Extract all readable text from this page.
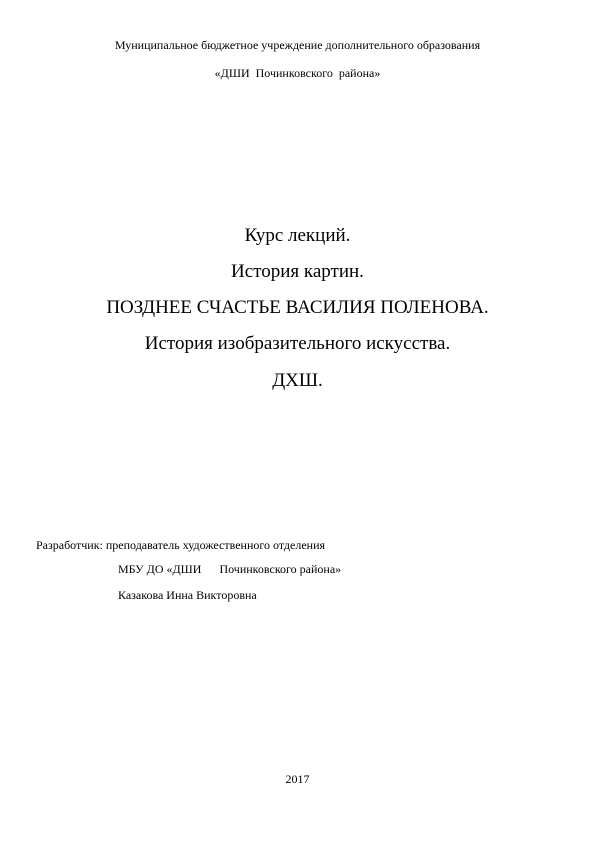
Муниципальное бюджетное учреждение дополнительного образования
«ДШИ  Починковского  района»
Курс лекций.
История картин.
ПОЗДНЕЕ СЧАСТЬЕ ВАСИЛИЯ ПОЛЕНОВА.
История изобразительного искусства.
ДХШ.
Разработчик: преподаватель художественного отделения
МБУ ДО «ДШИ      Починковского района»
Казакова Инна Викторовна
2017
